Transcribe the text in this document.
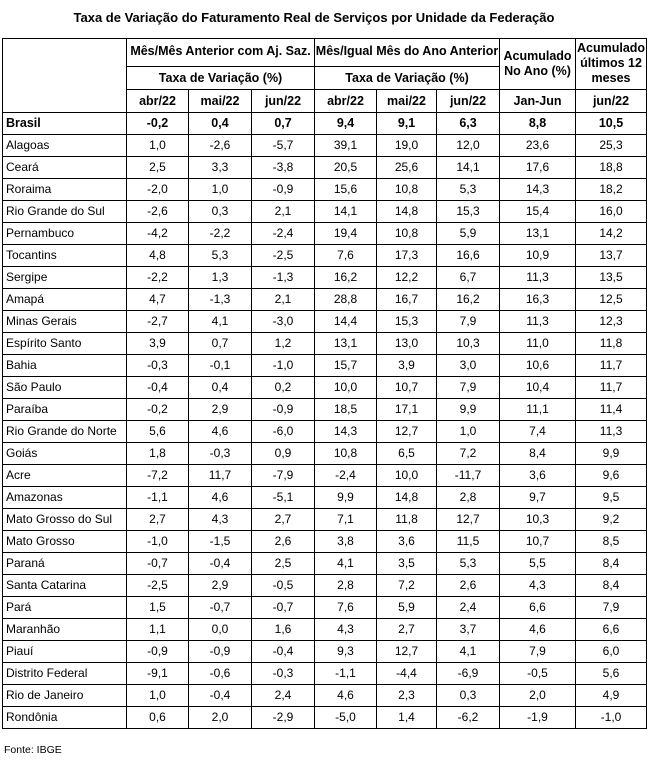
Taxa de Variação do Faturamento Real de Serviços por Unidade da Federação
	Mês/Mês Anterior com Aj. Saz.			Mês/Igual Mês do Ano Anterior			Acumulado No Ano (%)	Acumulado últimos 12 meses
	Taxa de Variação (%)			Taxa de Variação (%)				
	abr/22	mai/22	jun/22	abr/22	mai/22	jun/22	Jan-Jun	jun/22
Brasil	-0,2	0,4	0,7	9,4	9,1	6,3	8,8	10,5
Alagoas	1,0	-2,6	-5,7	39,1	19,0	12,0	23,6	25,3
Ceará	2,5	3,3	-3,8	20,5	25,6	14,1	17,6	18,8
Roraima	-2,0	1,0	-0,9	15,6	10,8	5,3	14,3	18,2
Rio Grande do Sul	-2,6	0,3	2,1	14,1	14,8	15,3	15,4	16,0
Pernambuco	-4,2	-2,2	-2,4	19,4	10,8	5,9	13,1	14,2
Tocantins	4,8	5,3	-2,5	7,6	17,3	16,6	10,9	13,7
Sergipe	-2,2	1,3	-1,3	16,2	12,2	6,7	11,3	13,5
Amapá	4,7	-1,3	2,1	28,8	16,7	16,2	16,3	12,5
Minas Gerais	-2,7	4,1	-3,0	14,4	15,3	7,9	11,3	12,3
Espírito Santo	3,9	0,7	1,2	13,1	13,0	10,3	11,0	11,8
Bahia	-0,3	-0,1	-1,0	15,7	3,9	3,0	10,6	11,7
São Paulo	-0,4	0,4	0,2	10,0	10,7	7,9	10,4	11,7
Paraíba	-0,2	2,9	-0,9	18,5	17,1	9,9	11,1	11,4
Rio Grande do Norte	5,6	4,6	-6,0	14,3	12,7	1,0	7,4	11,3
Goiás	1,8	-0,3	0,9	10,8	6,5	7,2	8,4	9,9
Acre	-7,2	11,7	-7,9	-2,4	10,0	-11,7	3,6	9,6
Amazonas	-1,1	4,6	-5,1	9,9	14,8	2,8	9,7	9,5
Mato Grosso do Sul	2,7	4,3	2,7	7,1	11,8	12,7	10,3	9,2
Mato Grosso	-1,0	-1,5	2,6	3,8	3,6	11,5	10,7	8,5
Paraná	-0,7	-0,4	2,5	4,1	3,5	5,3	5,5	8,4
Santa Catarina	-2,5	2,9	-0,5	2,8	7,2	2,6	4,3	8,4
Pará	1,5	-0,7	-0,7	7,6	5,9	2,4	6,6	7,9
Maranhão	1,1	0,0	1,6	4,3	2,7	3,7	4,6	6,6
Piauí	-0,9	-0,9	-0,4	9,3	12,7	4,1	7,9	6,0
Distrito Federal	-9,1	-0,6	-0,3	-1,1	-4,4	-6,9	-0,5	5,6
Rio de Janeiro	1,0	-0,4	2,4	4,6	2,3	0,3	2,0	4,9
Rondônia	0,6	2,0	-2,9	-5,0	1,4	-6,2	-1,9	-1,0
Fonte: IBGE
